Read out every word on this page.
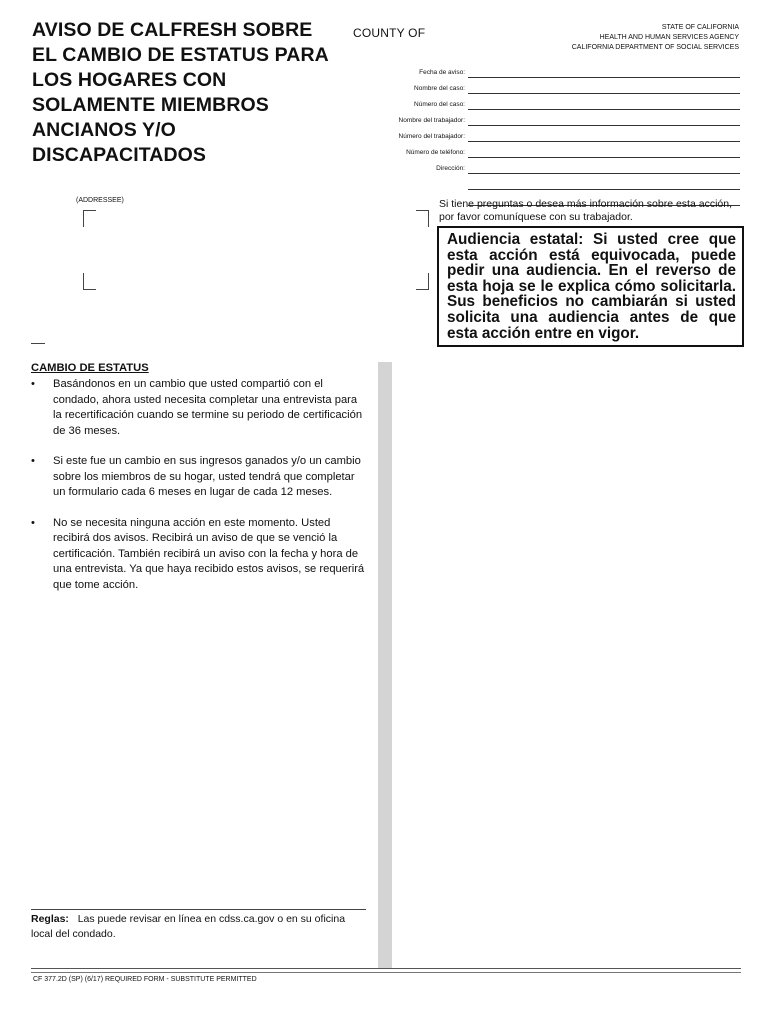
AVISO DE CALFRESH SOBRE
EL CAMBIO DE ESTATUS PARA
LOS HOGARES CON
SOLAMENTE MIEMBROS
ANCIANOS Y/O
DISCAPACITADOS
COUNTY OF	STATE OF CALIFORNIA
HEALTH AND HUMAN SERVICES AGENCY
CALIFORNIA DEPARTMENT OF SOCIAL SERVICES
Fecha de aviso:
Nombre del caso:
Número del caso:
Nombre del trabajador:
Número del trabajador:
Número de teléfono:
Dirección:
(ADDRESSEE)	Si tiene preguntas o desea más información sobre esta acción, por favor comuníquese con su trabajador.
Audiencia estatal: Si usted cree que esta acción está equivocada, puede pedir una audiencia. En el reverso de esta hoja se le explica cómo solicitarla. Sus beneficios no cambiarán si usted solicita una audiencia antes de que esta acción entre en vigor.
CAMBIO DE ESTATUS
•	Basándonos en un cambio que usted compartió con el condado, ahora usted necesita completar una entrevista para la recertificación cuando se termine su periodo de certificación de 36 meses.
•	Si este fue un cambio en sus ingresos ganados y/o un cambio sobre los miembros de su hogar, usted tendrá que completar un formulario cada 6 meses en lugar de cada 12 meses.
•	No se necesita ninguna acción en este momento. Usted recibirá dos avisos. Recibirá un aviso de que se venció la certificación. También recibirá un aviso con la fecha y hora de una entrevista. Ya que haya recibido estos avisos, se requerirá que tome acción.
Reglas: Las puede revisar en línea en cdss.ca.gov o en su oficina local del condado.
CF 377.2D (SP) (6/17) REQUIRED FORM - SUBSTITUTE PERMITTED
